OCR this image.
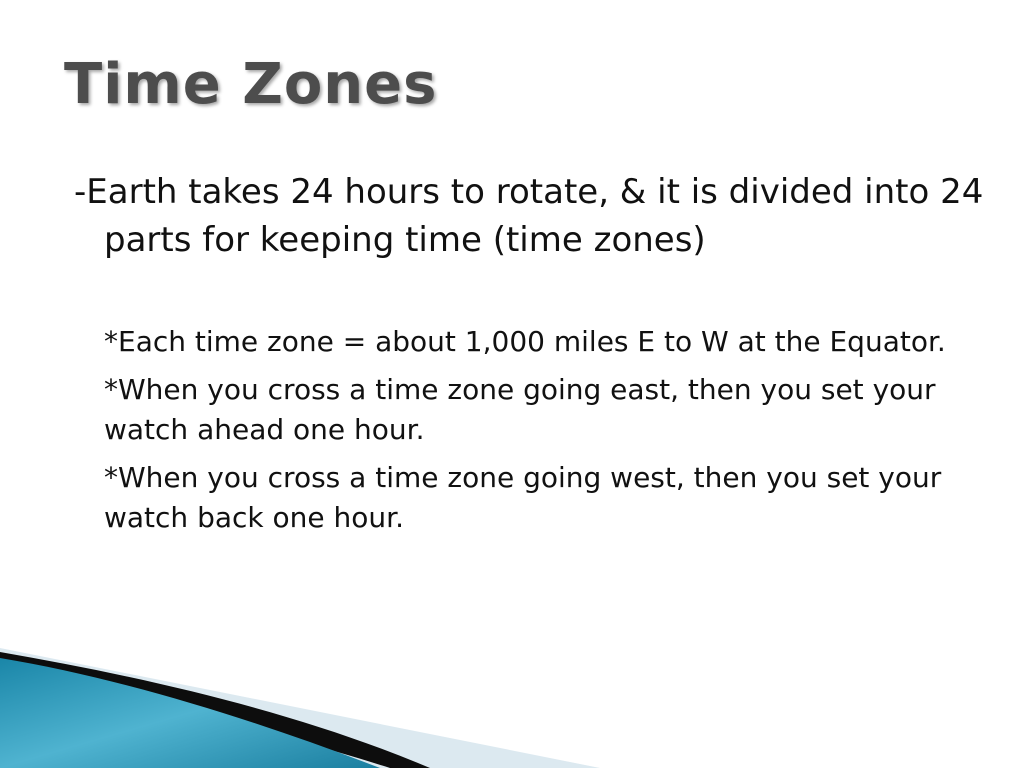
Time Zones

-Earth takes 24 hours to rotate, & it is divided into 24 parts for keeping time (time zones)

*Each time zone = about 1,000 miles E to W at the Equator.
*When you cross a time zone going east, then you set your watch ahead one hour.
*When you cross a time zone going west, then you set your watch back one hour.
